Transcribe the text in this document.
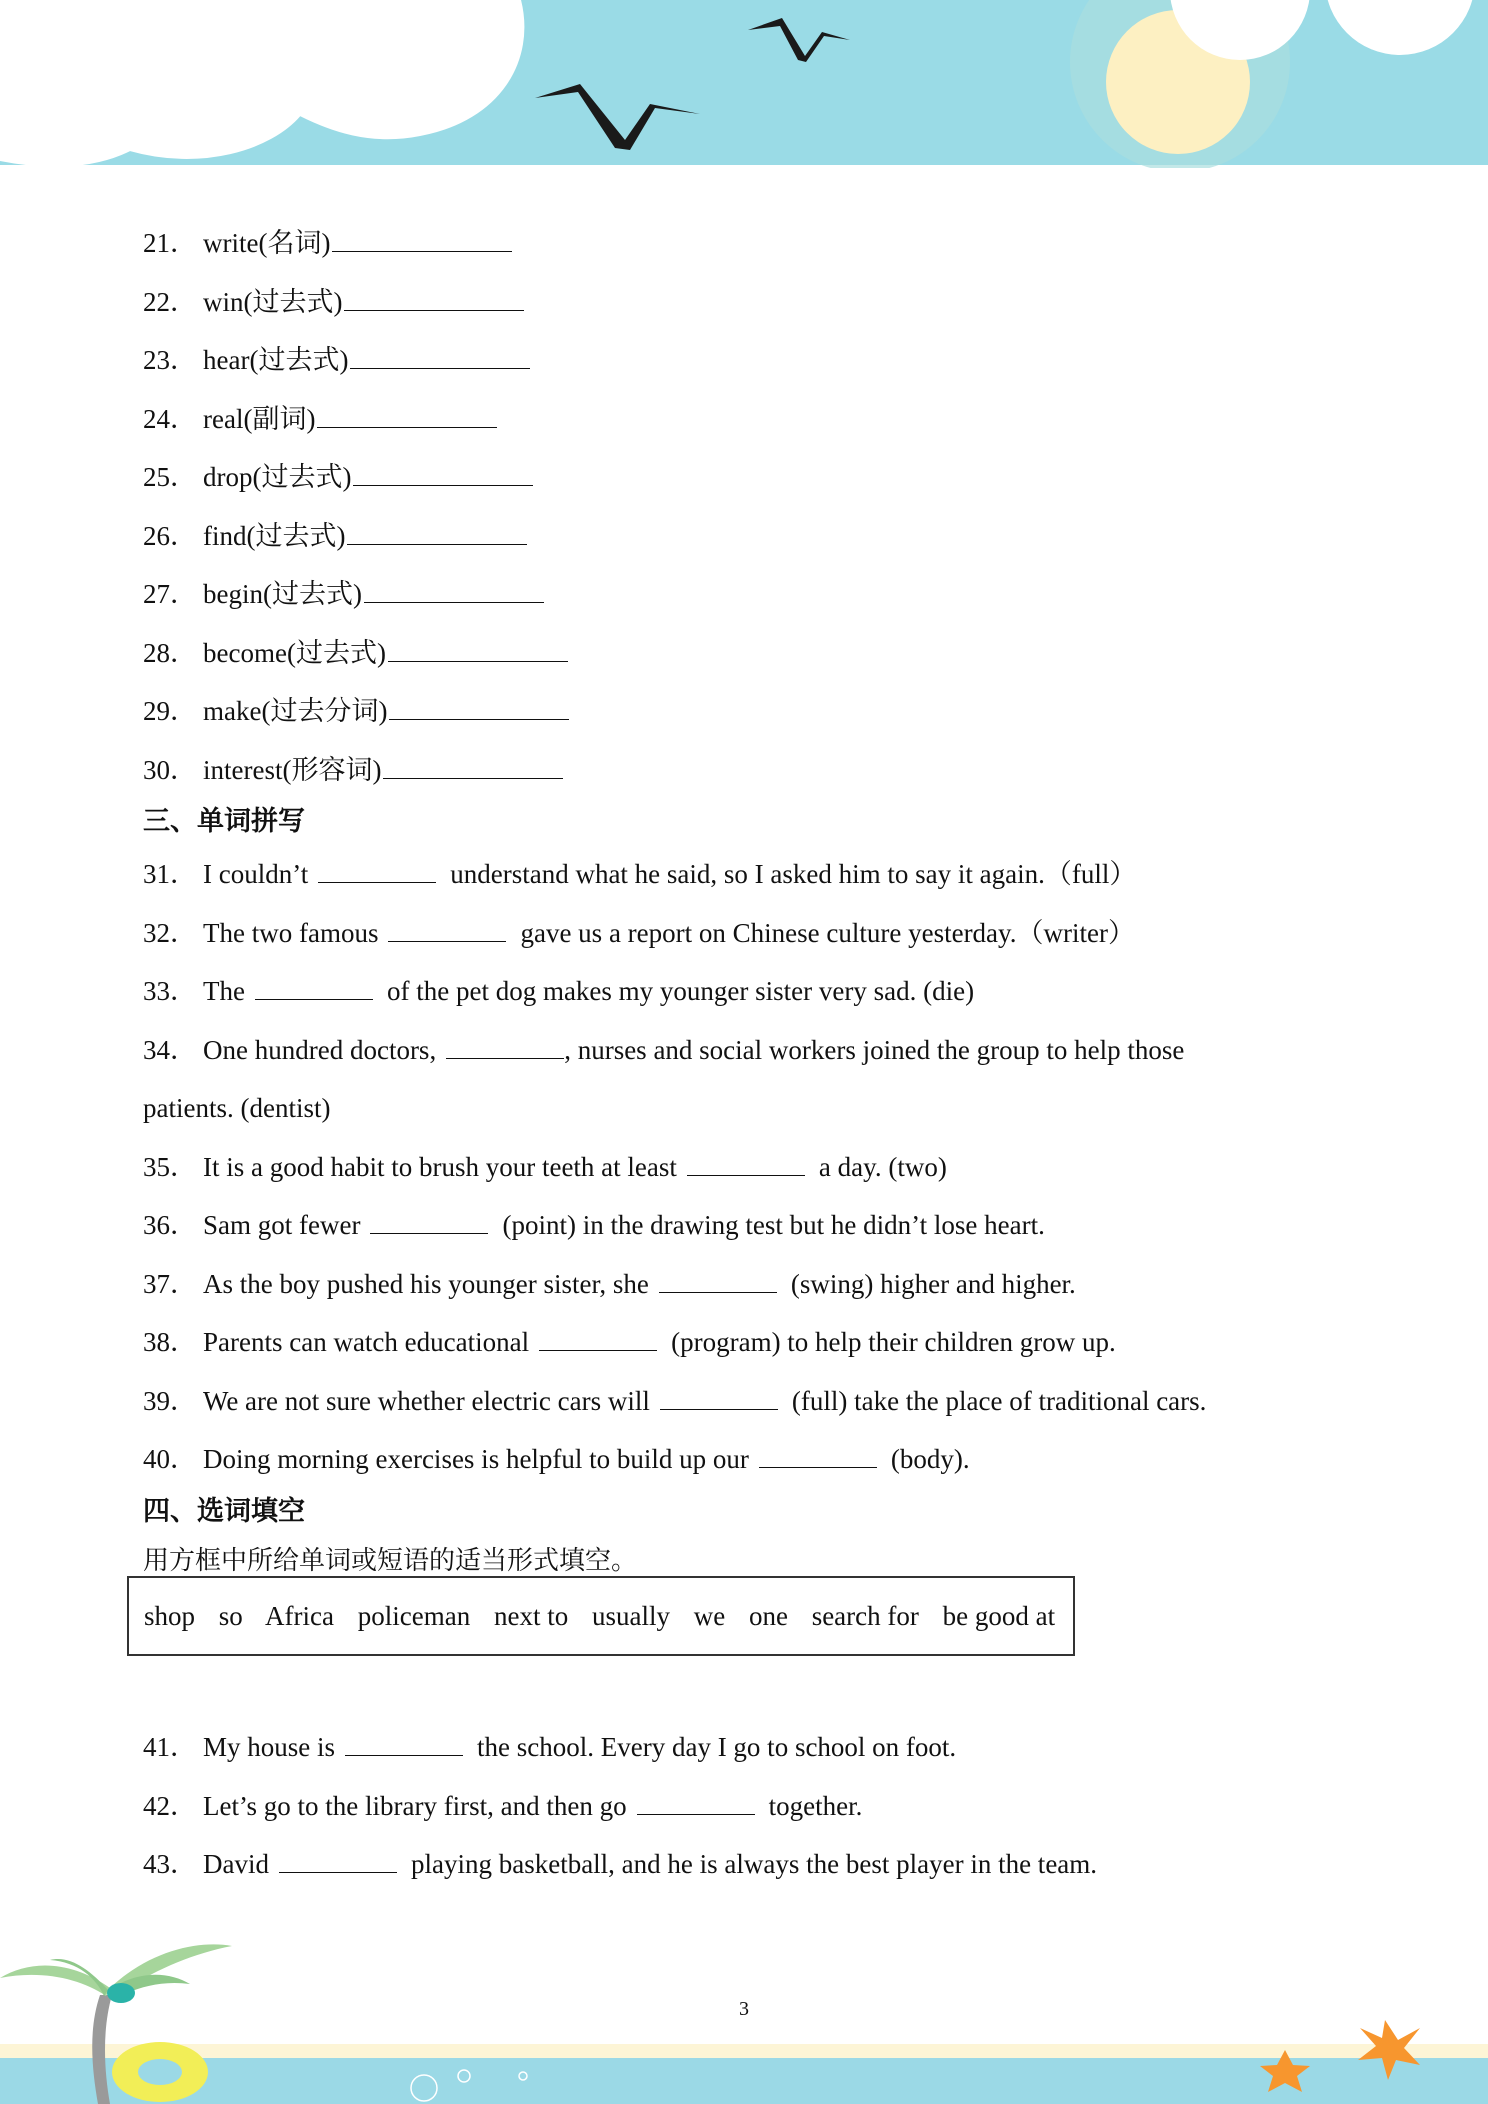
21． write(名词)
22． win(过去式)
23． hear(过去式)
24． real(副词)
25． drop(过去式)
26． find(过去式)
27． begin(过去式)
28． become(过去式)
29． make(过去分词)
30． interest(形容词)
三、单词拼写
31． I couldn’t	understand what he said, so I asked him to say it again.（full）
32． The two famous	gave us a report on Chinese culture yesterday.（writer）
33． The	of the pet dog makes my younger sister very sad. (die)
34． One hundred doctors,	, nurses and social workers joined the group to help those
patients. (dentist)
35． It is a good habit to brush your teeth at least	a day. (two)
36． Sam got fewer	(point) in the drawing test but he didn’t lose heart.
37． As the boy pushed his younger sister, she	(swing) higher and higher.
38． Parents can watch educational	(program) to help their children grow up.
39． We are not sure whether electric cars will	(full) take the place of traditional cars.
40． Doing morning exercises is helpful to build up our	(body).
四、选词填空
用方框中所给单词或短语的适当形式填空。
shop so Africa policeman next to usually we one search for be good at
41． My house is	the school. Every day I go to school on foot.
42． Let’s go to the library first, and then go	together.
43． David	playing basketball, and he is always the best player in the team.
3
